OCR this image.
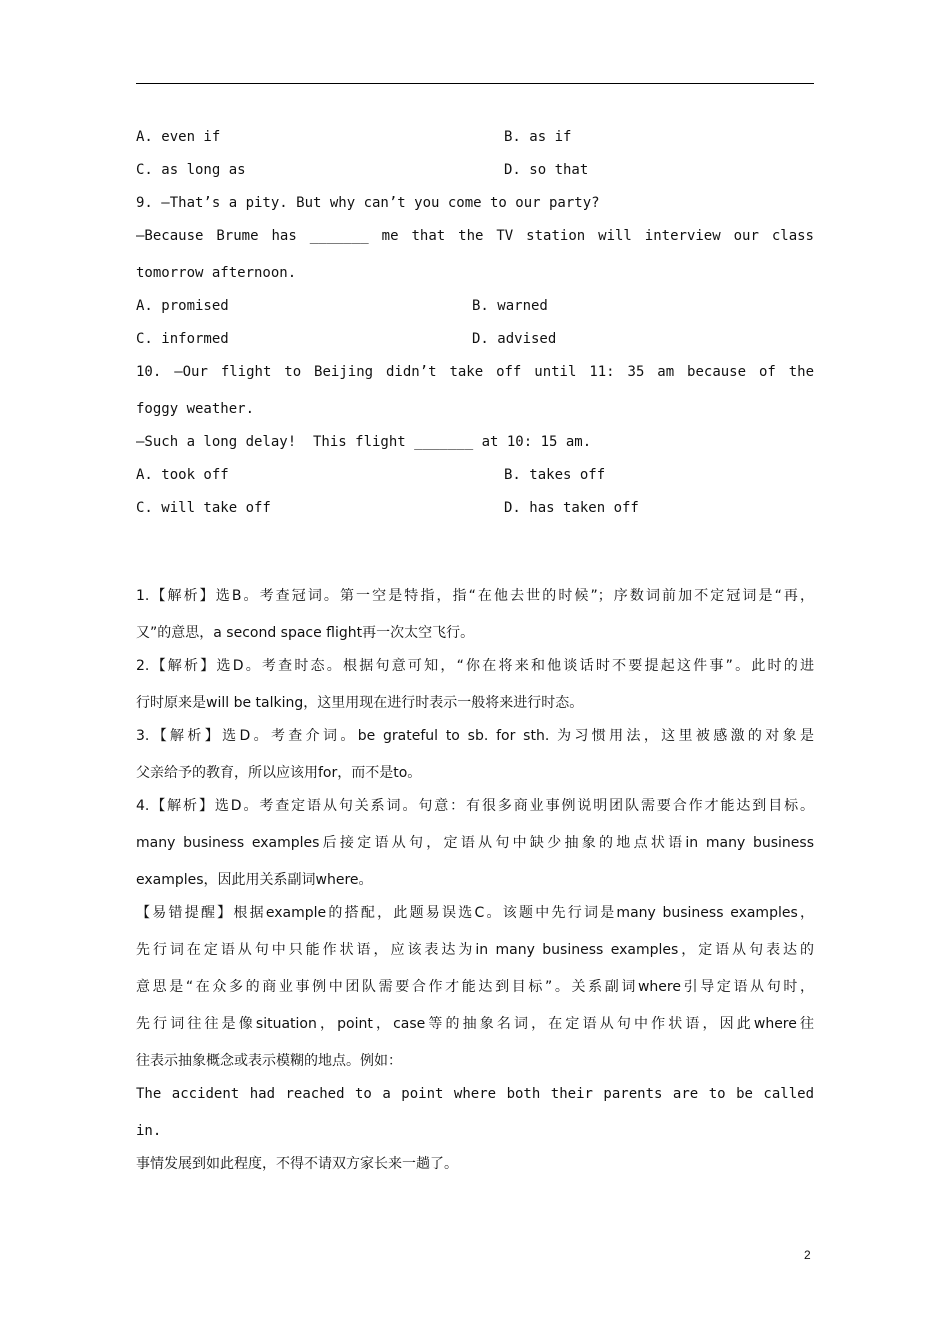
A. even if	B. as if
C. as long as	D. so that

9. —That’s a pity. But why can’t you come to our party?

—Because Brume has _______ me that the TV station will interview our class

tomorrow afternoon.

A. promised	B. warned
C. informed	D. advised

10. —Our flight to Beijing didn’t take off until 11: 35 am because of the

foggy weather.

—Such a long delay!  This flight _______ at 10: 15 am.

A. took off	B. takes off
C. will take off	D. has taken off

1.【解析】选B。考查冠词。第一空是特指，指“在他去世的时候”；序数词前加不定冠词是“再，

又”的意思，a second space flight再一次太空飞行。

2.【解析】选D。考查时态。根据句意可知，“你在将来和他谈话时不要提起这件事”。此时的进

行时原来是will be talking，这里用现在进行时表示一般将来进行时态。

3.【解析】选D。考查介词。be grateful to sb. for sth. 为习惯用法，这里被感激的对象是

父亲给予的教育，所以应该用for，而不是to。

4.【解析】选D。考查定语从句关系词。句意：有很多商业事例说明团队需要合作才能达到目标。

many business examples后接定语从句，定语从句中缺少抽象的地点状语in many business

examples，因此用关系副词where。

【易错提醒】根据example的搭配，此题易误选C。该题中先行词是many business examples，

先行词在定语从句中只能作状语，应该表达为in many business examples，定语从句表达的

意思是“在众多的商业事例中团队需要合作才能达到目标”。关系副词where引导定语从句时，

先行词往往是像situation，point，case等的抽象名词，在定语从句中作状语，因此where往

往表示抽象概念或表示模糊的地点。例如：

The accident had reached to a point where both their parents are to be called

in.

事情发展到如此程度，不得不请双方家长来一趟了。

2
